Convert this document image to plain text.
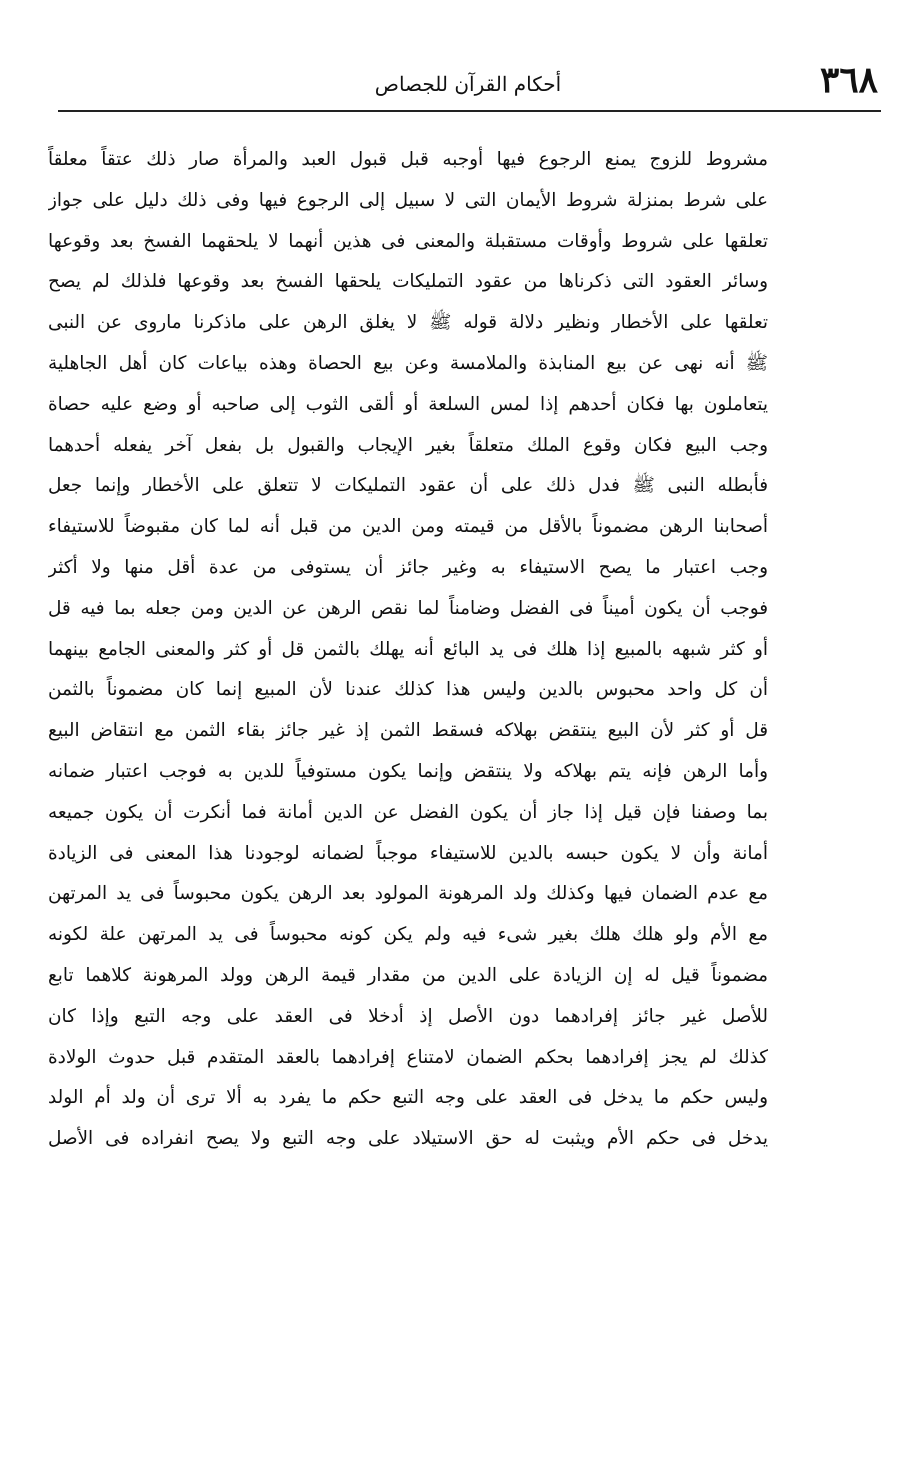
٣٦٨
أحكام القرآن للجصاص
مشروط للزوج يمنع الرجوع فيها أوجبه قبل قبول العبد والمرأة صار ذلك عتقاً معلقاً
على شرط بمنزلة شروط الأيمان التى لا سبيل إلى الرجوع فيها وفى ذلك دليل على جواز
تعلقها على شروط وأوقات مستقبلة والمعنى فى هذين أنهما لا يلحقهما الفسخ بعد وقوعها
وسائر العقود التى ذكرناها من عقود التمليكات يلحقها الفسخ بعد وقوعها فلذلك لم يصح
تعلقها على الأخطار ونظير دلالة قوله ﷺ لا يغلق الرهن على ماذكرنا ماروى عن النبى
ﷺ أنه نهى عن بيع المنابذة والملامسة وعن بيع الحصاة وهذه بياعات كان أهل الجاهلية
يتعاملون بها فكان أحدهم إذا لمس السلعة أو ألقى الثوب إلى صاحبه أو وضع عليه حصاة
وجب البيع فكان وقوع الملك متعلقاً بغير الإيجاب والقبول بل بفعل آخر يفعله أحدهما
فأبطله النبى ﷺ فدل ذلك على أن عقود التمليكات لا تتعلق على الأخطار وإنما جعل
أصحابنا الرهن مضموناً بالأقل من قيمته ومن الدين من قبل أنه لما كان مقبوضاً للاستيفاء
وجب اعتبار ما يصح الاستيفاء به وغير جائز أن يستوفى من عدة أقل منها ولا أكثر
فوجب أن يكون أميناً فى الفضل وضامناً لما نقص الرهن عن الدين ومن جعله بما فيه قل
أو كثر شبهه بالمبيع إذا هلك فى يد البائع أنه يهلك بالثمن قل أو كثر والمعنى الجامع بينهما
أن كل واحد محبوس بالدين وليس هذا كذلك عندنا لأن المبيع إنما كان مضموناً بالثمن
قل أو كثر لأن البيع ينتقض بهلاكه فسقط الثمن إذ غير جائز بقاء الثمن مع انتقاض البيع
وأما الرهن فإنه يتم بهلاكه ولا ينتقض وإنما يكون مستوفياً للدين به فوجب اعتبار ضمانه
بما وصفنا فإن قيل إذا جاز أن يكون الفضل عن الدين أمانة فما أنكرت أن يكون جميعه
أمانة وأن لا يكون حبسه بالدين للاستيفاء موجباً لضمانه لوجودنا هذا المعنى فى الزيادة
مع عدم الضمان فيها وكذلك ولد المرهونة المولود بعد الرهن يكون محبوساً فى يد المرتهن
مع الأم ولو هلك هلك بغير شىء فيه ولم يكن كونه محبوساً فى يد المرتهن علة لكونه
مضموناً قيل له إن الزيادة على الدين من مقدار قيمة الرهن وولد المرهونة كلاهما تابع
للأصل غير جائز إفرادهما دون الأصل إذ أدخلا فى العقد على وجه التبع وإذا كان
كذلك لم يجز إفرادهما بحكم الضمان لامتناع إفرادهما بالعقد المتقدم قبل حدوث الولادة
وليس حكم ما يدخل فى العقد على وجه التبع حكم ما يفرد به ألا ترى أن ولد أم الولد
يدخل فى حكم الأم ويثبت له حق الاستيلاد على وجه التبع ولا يصح انفراده فى الأصل
